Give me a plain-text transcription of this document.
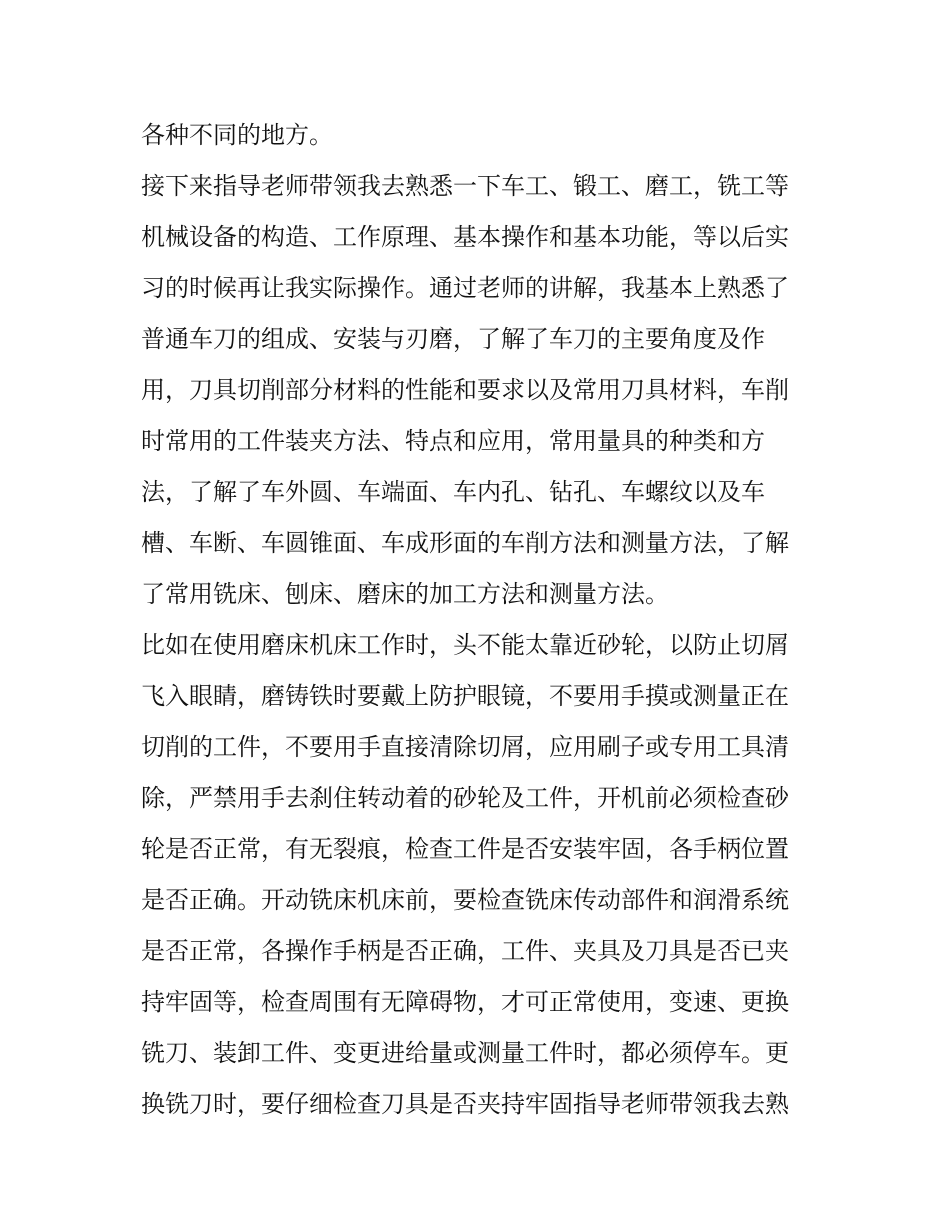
各种不同的地方。
接下来指导老师带领我去熟悉一下车工、锻工、磨工，铣工等
机械设备的构造、工作原理、基本操作和基本功能，等以后实
习的时候再让我实际操作。通过老师的讲解，我基本上熟悉了
普通车刀的组成、安装与刃磨，了解了车刀的主要角度及作
用，刀具切削部分材料的性能和要求以及常用刀具材料，车削
时常用的工件装夹方法、特点和应用，常用量具的种类和方
法，了解了车外圆、车端面、车内孔、钻孔、车螺纹以及车
槽、车断、车圆锥面、车成形面的车削方法和测量方法，了解
了常用铣床、刨床、磨床的加工方法和测量方法。
比如在使用磨床机床工作时，头不能太靠近砂轮，以防止切屑
飞入眼睛，磨铸铁时要戴上防护眼镜，不要用手摸或测量正在
切削的工件，不要用手直接清除切屑，应用刷子或专用工具清
除，严禁用手去刹住转动着的砂轮及工件，开机前必须检查砂
轮是否正常，有无裂痕，检查工件是否安装牢固，各手柄位置
是否正确。开动铣床机床前，要检查铣床传动部件和润滑系统
是否正常，各操作手柄是否正确，工件、夹具及刀具是否已夹
持牢固等，检查周围有无障碍物，才可正常使用，变速、更换
铣刀、装卸工件、变更进给量或测量工件时，都必须停车。更
换铣刀时，要仔细检查刀具是否夹持牢固指导老师带领我去熟
